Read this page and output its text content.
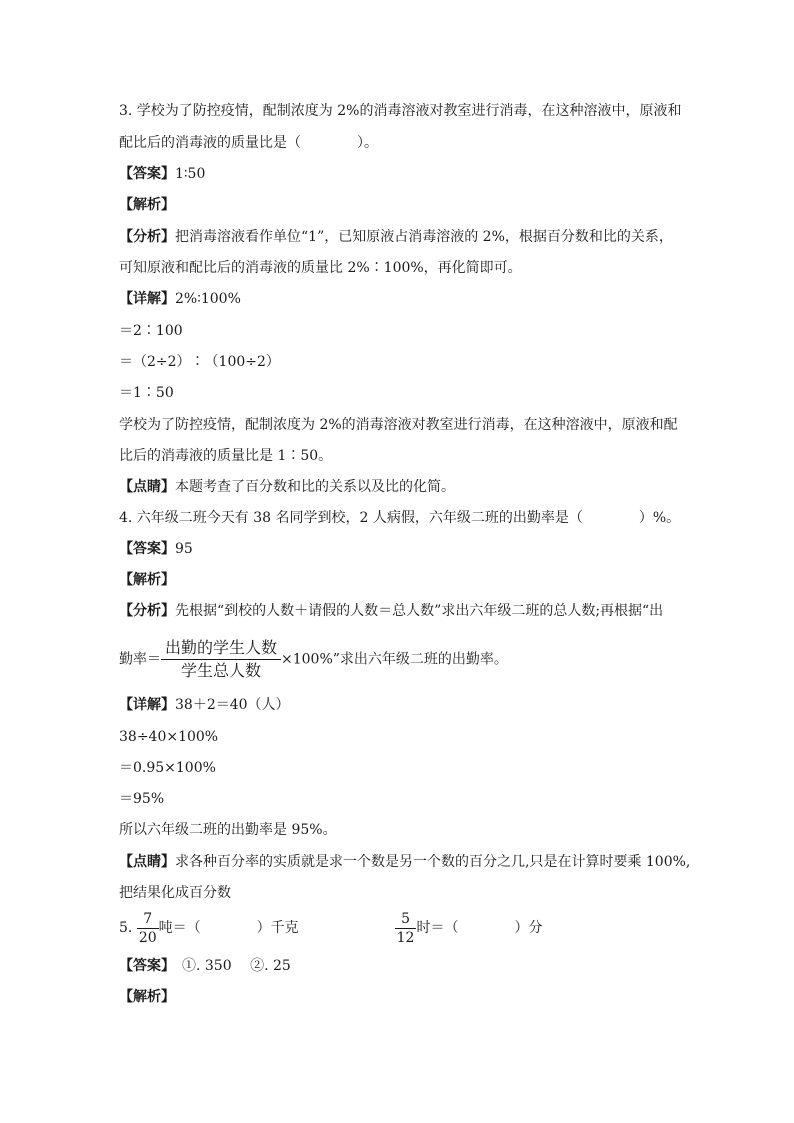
3. 学校为了防控疫情，配制浓度为 2%的消毒溶液对教室进行消毒，在这种溶液中，原液和
配比后的消毒液的质量比是（　　　　）。
【答案】1∶50
【解析】
【分析】把消毒溶液看作单位“1”，已知原液占消毒溶液的 2%，根据百分数和比的关系，
可知原液和配比后的消毒液的质量比 2%∶100%，再化简即可。
【详解】2%∶100%
＝2∶100
＝（2÷2）∶（100÷2）
＝1∶50
学校为了防控疫情，配制浓度为 2%的消毒溶液对教室进行消毒，在这种溶液中，原液和配
比后的消毒液的质量比是 1∶50。
【点睛】本题考查了百分数和比的关系以及比的化简。
4. 六年级二班今天有 38 名同学到校，2 人病假，六年级二班的出勤率是（　　　　）%。
【答案】95
【解析】
【分析】先根据“到校的人数＋请假的人数＝总人数”求出六年级二班的总人数;再根据“出
勤率＝ $\frac{\text{出勤的学生人数}}{\text{学生总人数}} \times 100\%$”求出六年级二班的出勤率。
【详解】38＋2＝40（人）
38÷40×100%
＝0.95×100%
＝95%
所以六年级二班的出勤率是 95%。
【点睛】求各种百分率的实质就是求一个数是另一个数的百分之几,只是在计算时要乘 100%,
把结果化成百分数
5. $\frac{7}{20}$ 吨＝（　　　　）千克	$\frac{5}{12}$ 时＝（　　　　）分
【答案】　①. 350　 ②. 25
【解析】
